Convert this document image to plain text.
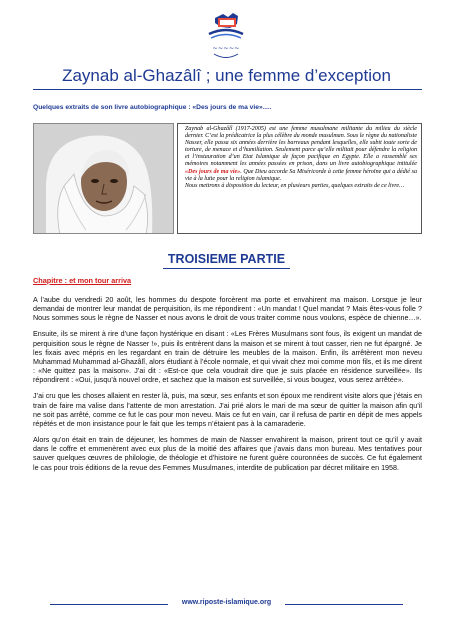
~~~~~
Zaynab al-Ghazâlî ; une femme d’exception
Quelques extraits de son livre autobiographique : «Des jours de ma vie»….

Zaynab al-Ghazâlî (1917-2005) est une femme musulmane militante du milieu du siècle dernier. C’est la prédicatrice la plus célèbre du monde musulman. Sous le règne du nationaliste Nasser, elle passa six années derrière les barreaux pendant lesquelles, elle subit toute sorte de torture, de menace et d’humiliation. Seulement parce qu’elle militait pour défendre la religion et l’instauration d’un Etat Islamique de façon pacifique en Egypte. Elle a rassemblé ses mémoires notamment les années passées en prison, dans un livre autobiographique intitulée «Des jours de ma vie». Que Dieu accorde Sa Miséricorde à cette femme héroïne qui a dédié sa vie à la lutte pour la religion islamique.

Nous mettrons à disposition du lecteur, en plusieurs parties, quelques extraits de ce livre…

TROISIEME PARTIE
Chapitre : et mon tour arriva

A l’aube du vendredi 20 août, les hommes du despote forcèrent ma porte et envahirent ma maison. Lorsque je leur demandai de montrer leur mandat de perquisition, ils me répondirent : «Un mandat ! Quel mandat ? Mais êtes-vous folle ? Nous sommes sous le règne de Nasser et nous avons le droit de vous traiter comme nous voulons, espèce de chienne…».

Ensuite, ils se mirent à rire d’une façon hystérique en disant : «Les Frères Musulmans sont fous, ils exigent un mandat de perquisition sous le règne de Nasser !», puis ils entrèrent dans la maison et se mirent à tout casser, rien ne fut épargné. Je les fixais avec mépris en les regardant en train de détruire les meubles de la maison. Enfin, ils arrêtèrent mon neveu Muhammad Muhammad al-Ghazâlî, alors étudiant à l’école normale, et qui vivait chez moi comme mon fils, et ils me dirent : «Ne quittez pas la maison». J’ai dit : «Est-ce que cela voudrait dire que je suis placée en résidence surveillée». Ils répondirent : «Oui, jusqu’à nouvel ordre, et sachez que la maison est surveillée, si vous bougez, vous serez arrêtée».

J’ai cru que les choses allaient en rester là, puis, ma sœur, ses enfants et son époux me rendirent visite alors que j’étais en train de faire ma valise dans l’attente de mon arrestation. J’ai prié alors le mari de ma sœur de quitter la maison afin qu’il ne soit pas arrêté, comme ce fut le cas pour mon neveu. Mais ce fut en vain, car il refusa de partir en dépit de mes appels répétés et de mon insistance pour le fait que les temps n’étaient pas à la camaraderie.

Alors qu’on était en train de déjeuner, les hommes de main de Nasser envahirent la maison, prirent tout ce qu’il y avait dans le coffre et emmenèrent avec eux plus de la moitié des affaires que j’avais dans mon bureau. Mes tentatives pour sauver quelques œuvres de philologie, de théologie et d’histoire ne furent guère couronnées de succès. Ce fut également le cas pour trois éditions de la revue des Femmes Musulmanes, interdite de publication par décret militaire en 1958.

www.riposte-islamique.org
